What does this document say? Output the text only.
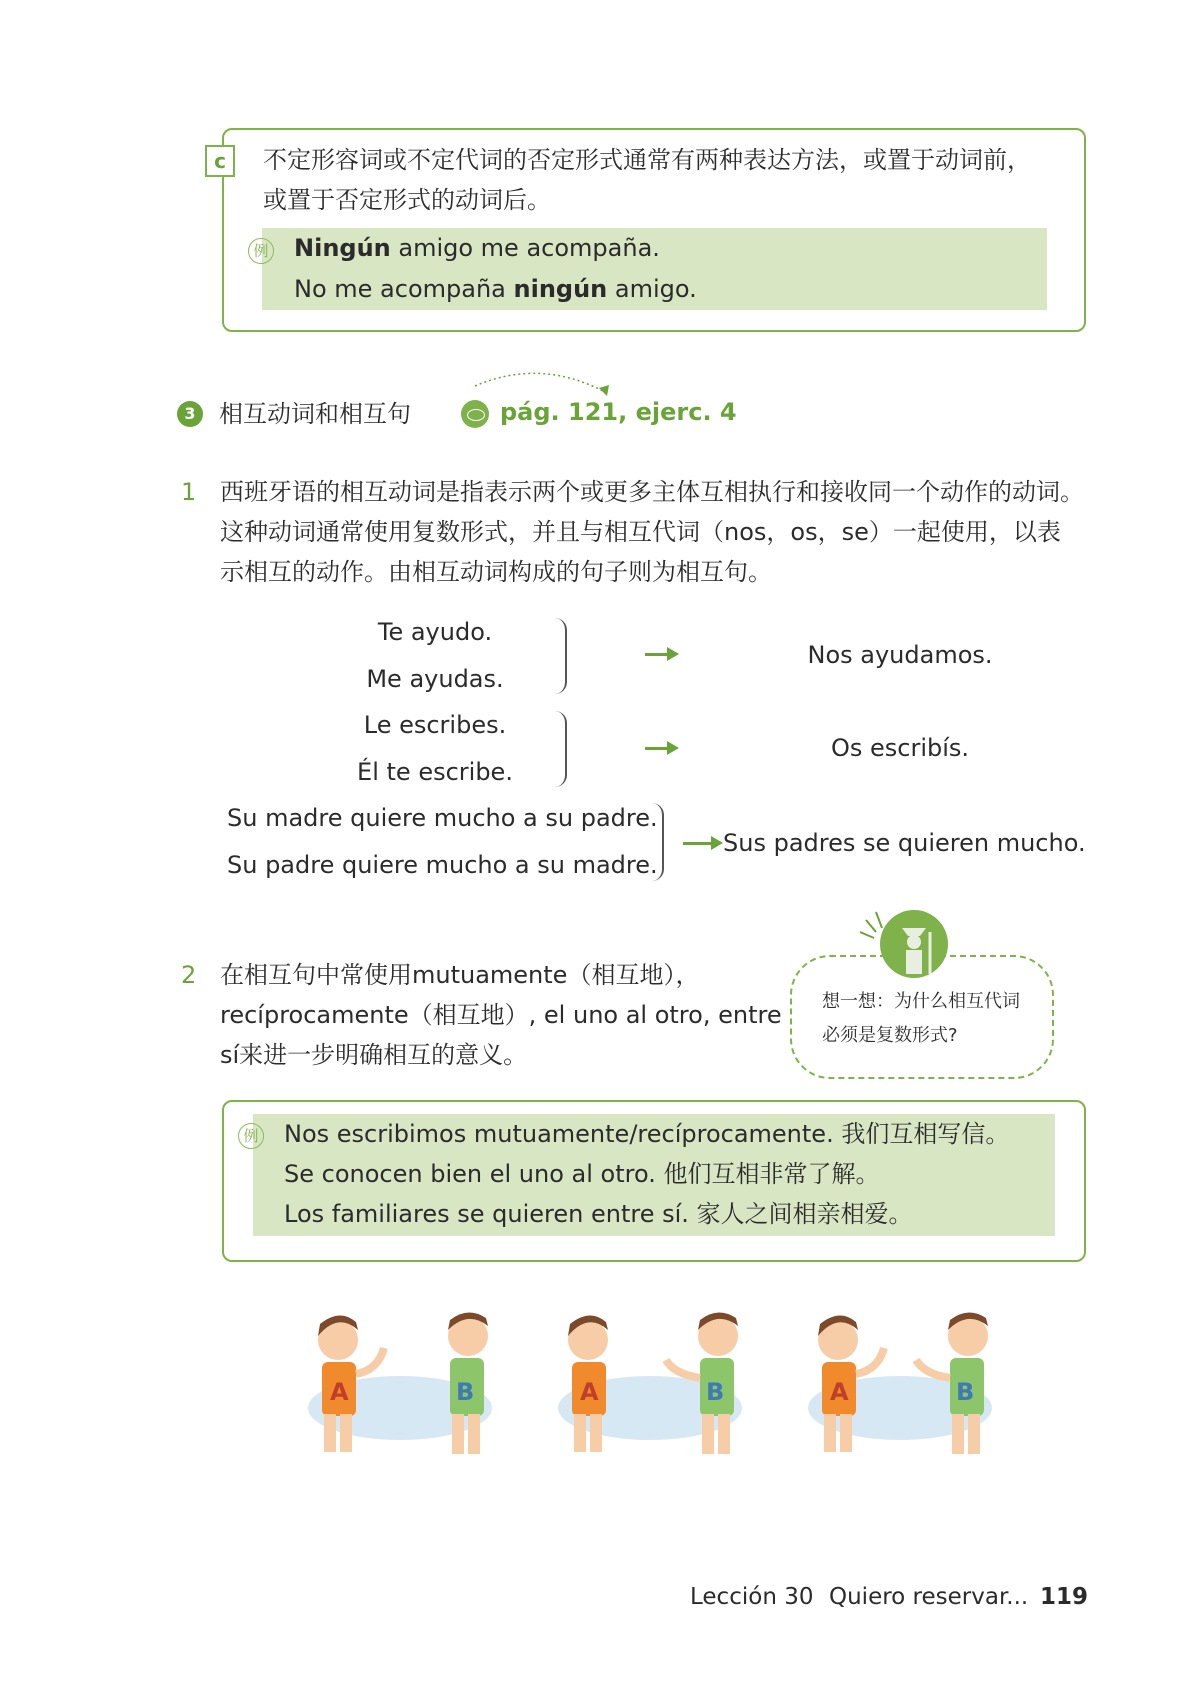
c	不定形容词或不定代词的否定形式通常有两种表达方法，或置于动词前，
或置于否定形式的动词后。
例 Ningún amigo me acompaña.
No me acompaña ningún amigo.
3 相互动词和相互句	pág. 121, ejerc. 4
1 西班牙语的相互动词是指表示两个或更多主体互相执行和接收同一个动作的动词。
这种动词通常使用复数形式，并且与相互代词（nos，os，se）一起使用，以表
示相互的动作。由相互动词构成的句子则为相互句。
Te ayudo.
Me ayudas.
Nos ayudamos.
Le escribes.
Él te escribe.
Os escribís.
Su madre quiere mucho a su padre.
Su padre quiere mucho a su madre.
Sus padres se quieren mucho.
2 在相互句中常使用mutuamente（相互地），
recíprocamente（相互地）, el uno al otro, entre
sí来进一步明确相互的意义。
想一想：为什么相互代词
必须是复数形式?
例 Nos escribimos mutuamente/recíprocamente. 我们互相写信。
Se conocen bien el uno al otro. 他们互相非常了解。
Los familiares se quieren entre sí. 家人之间相亲相爱。
A	B	A	B	A	B
Lección 30 Quiero reservar... 119
